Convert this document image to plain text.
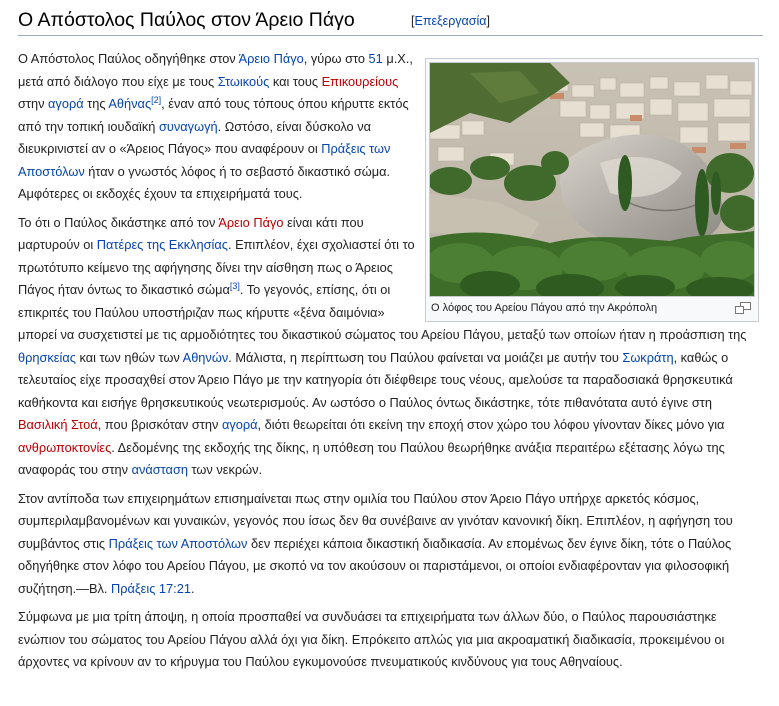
Ο Απόστολος Παύλος στον Άρειο Πάγο	[Επεξεργασία]
Ο λόφος του Αρείου Πάγου από την Ακρόπολη

Ο Απόστολος Παύλος οδηγήθηκε στον Άρειο Πάγο, γύρω στο 51 μ.Χ., μετά από διάλογο που είχε με τους Στωικούς και τους Επικουρείους στην αγορά της Αθήνας[2], έναν από τους τόπους όπου κήρυττε εκτός από την τοπική ιουδαϊκή συναγωγή. Ωστόσο, είναι δύσκολο να διευκρινιστεί αν ο «Άρειος Πάγος» που αναφέρουν οι Πράξεις των Αποστόλων ήταν ο γνωστός λόφος ή το σεβαστό δικαστικό σώμα. Αμφότερες οι εκδοχές έχουν τα επιχειρήματά τους.

Το ότι ο Παύλος δικάστηκε από τον Άρειο Πάγο είναι κάτι που μαρτυρούν οι Πατέρες της Εκκλησίας. Επιπλέον, έχει σχολιαστεί ότι το πρωτότυπο κείμενο της αφήγησης δίνει την αίσθηση πως ο Άρειος Πάγος ήταν όντως το δικαστικό σώμα[3]. Το γεγονός, επίσης, ότι οι επικριτές του Παύλου υποστήριζαν πως κήρυττε «ξένα δαιμόνια» μπορεί να συσχετιστεί με τις αρμοδιότητες του δικαστικού σώματος του Αρείου Πάγου, μεταξύ των οποίων ήταν η προάσπιση της θρησκείας και των ηθών των Αθηνών. Μάλιστα, η περίπτωση του Παύλου φαίνεται να μοιάζει με αυτήν του Σωκράτη, καθώς ο τελευταίος είχε προσαχθεί στον Άρειο Πάγο με την κατηγορία ότι διέφθειρε τους νέους, αμελούσε τα παραδοσιακά θρησκευτικά καθήκοντα και εισήγε θρησκευτικούς νεωτερισμούς. Αν ωστόσο ο Παύλος όντως δικάστηκε, τότε πιθανότατα αυτό έγινε στη Βασιλική Στοά, που βρισκόταν στην αγορά, διότι θεωρείται ότι εκείνη την εποχή στον χώρο του λόφου γίνονταν δίκες μόνο για ανθρωποκτονίες. Δεδομένης της εκδοχής της δίκης, η υπόθεση του Παύλου θεωρήθηκε ανάξια περαιτέρω εξέτασης λόγω της αναφοράς του στην ανάσταση των νεκρών.

Στον αντίποδα των επιχειρημάτων επισημαίνεται πως στην ομιλία του Παύλου στον Άρειο Πάγο υπήρχε αρκετός κόσμος, συμπεριλαμβανομένων και γυναικών, γεγονός που ίσως δεν θα συνέβαινε αν γινόταν κανονική δίκη. Επιπλέον, η αφήγηση του συμβάντος στις Πράξεις των Αποστόλων δεν περιέχει κάποια δικαστική διαδικασία. Αν επομένως δεν έγινε δίκη, τότε ο Παύλος οδηγήθηκε στον λόφο του Αρείου Πάγου, με σκοπό να τον ακούσουν οι παριστάμενοι, οι οποίοι ενδιαφέρονταν για φιλοσοφική συζήτηση.—Βλ. Πράξεις 17:21.

Σύμφωνα με μια τρίτη άποψη, η οποία προσπαθεί να συνδυάσει τα επιχειρήματα των άλλων δύο, ο Παύλος παρουσιάστηκε ενώπιον του σώματος του Αρείου Πάγου αλλά όχι για δίκη. Επρόκειτο απλώς για μια ακροαματική διαδικασία, προκειμένου οι άρχοντες να κρίνουν αν το κήρυγμα του Παύλου εγκυμονούσε πνευματικούς κινδύνους για τους Αθηναίους.
